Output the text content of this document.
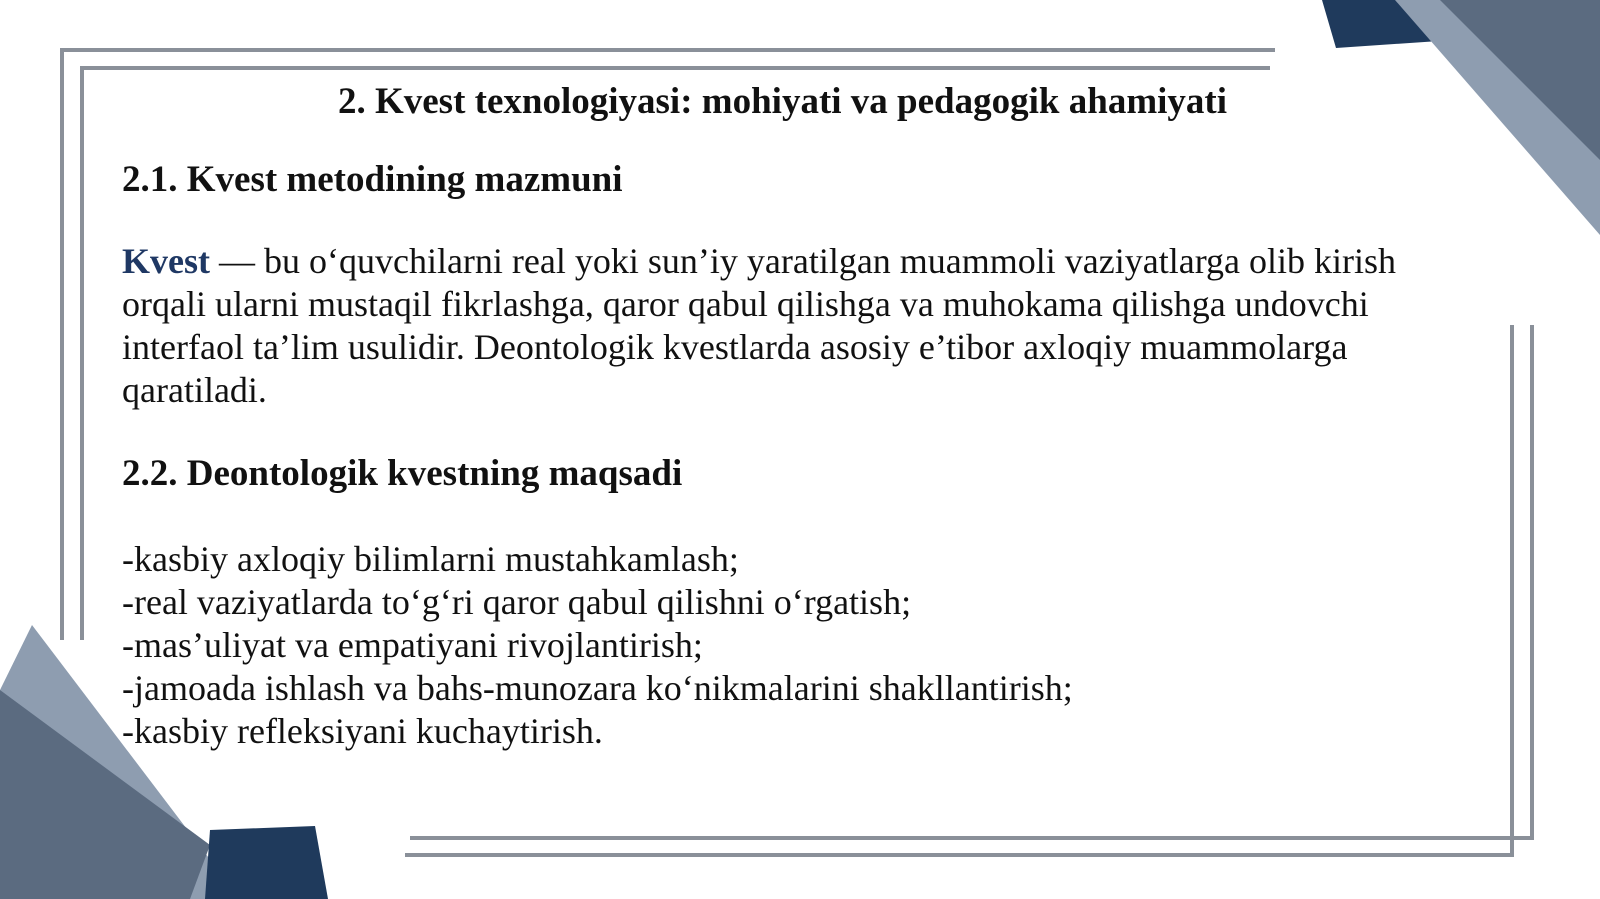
2. Kvest texnologiyasi: mohiyati va pedagogik ahamiyati
2.1. Kvest metodining mazmuni

Kvest — bu o‘quvchilarni real yoki sun’iy yaratilgan muammoli vaziyatlarga olib kirish orqali ularni mustaqil fikrlashga, qaror qabul qilishga va muhokama qilishga undovchi interfaol ta’lim usulidir. Deontologik kvestlarda asosiy e’tibor axloqiy muammolarga qaratiladi.

2.2. Deontologik kvestning maqsadi
-kasbiy axloqiy bilimlarni mustahkamlash;
-real vaziyatlarda to‘g‘ri qaror qabul qilishni o‘rgatish;
-mas’uliyat va empatiyani rivojlantirish;
-jamoada ishlash va bahs-munozara ko‘nikmalarini shakllantirish;
-kasbiy refleksiyani kuchaytirish.
